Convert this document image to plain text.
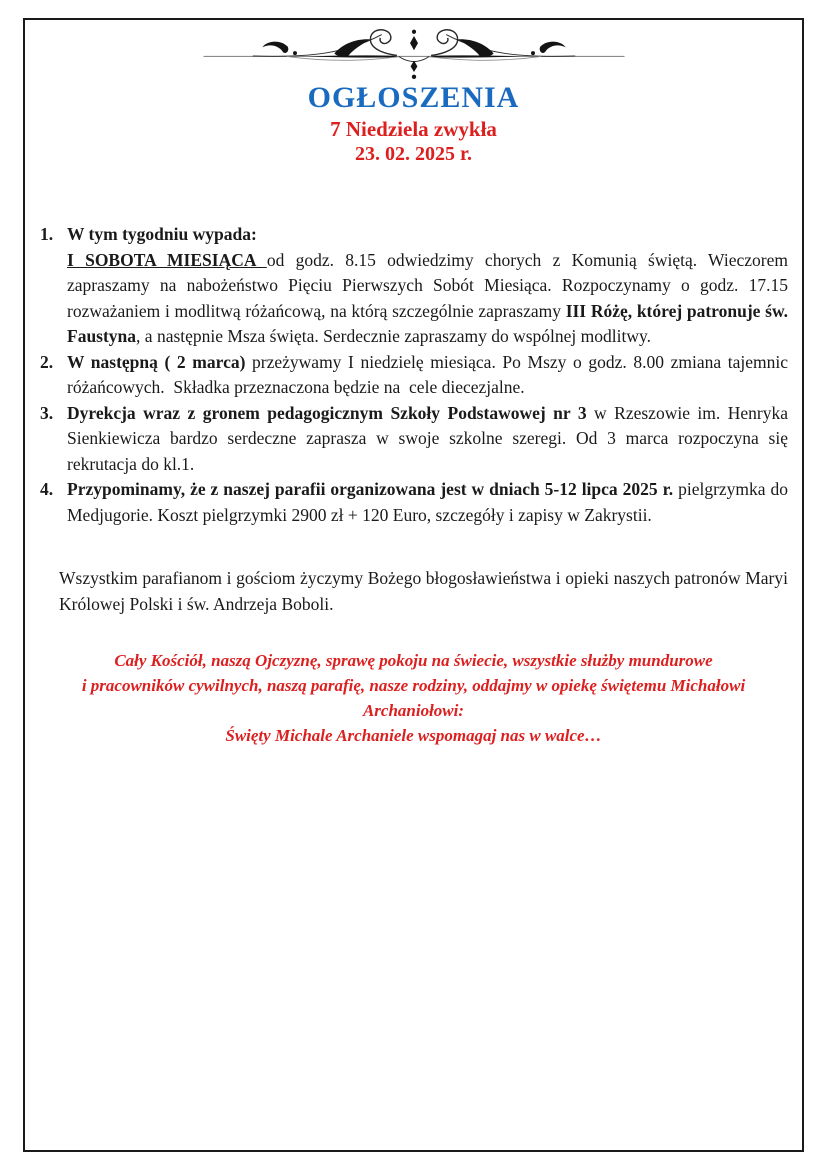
OGŁOSZENIA
7 Niedziela zwykła
23. 02. 2025 r.
1. W tym tygodniu wypada:
I SOBOTA MIESIĄCA od godz. 8.15 odwiedzimy chorych z Komunią świętą. Wieczorem zapraszamy na nabożeństwo Pięciu Pierwszych Sobót Miesiąca. Rozpoczynamy o godz. 17.15 rozważaniem i modlitwą różańcową, na którą szczególnie zapraszamy III Różę, której patronuje św. Faustyna, a następnie Msza święta. Serdecznie zapraszamy do wspólnej modlitwy.
2. W następną ( 2 marca) przeżywamy I niedzielę miesiąca. Po Mszy o godz. 8.00 zmiana tajemnic różańcowych.  Składka przeznaczona będzie na  cele diecezjalne.
3. Dyrekcja wraz z gronem pedagogicznym Szkoły Podstawowej nr 3 w Rzeszowie im. Henryka Sienkiewicza bardzo serdeczne zaprasza w swoje szkolne szeregi. Od 3 marca rozpoczyna się rekrutacja do kl.1.
4. Przypominamy, że z naszej parafii organizowana jest w dniach 5-12 lipca 2025 r. pielgrzymka do Medjugorie. Koszt pielgrzymki 2900 zł + 120 Euro, szczegóły i zapisy w Zakrystii.

Wszystkim parafianom i gościom życzymy Bożego błogosławieństwa i opieki naszych patronów Maryi Królowej Polski i św. Andrzeja Boboli.

Cały Kościół, naszą Ojczyznę, sprawę pokoju na świecie, wszystkie służby mundurowe
i pracowników cywilnych, naszą parafię, nasze rodziny, oddajmy w opiekę świętemu Michałowi
Archaniołowi:
Święty Michale Archaniele wspomagaj nas w walce…
